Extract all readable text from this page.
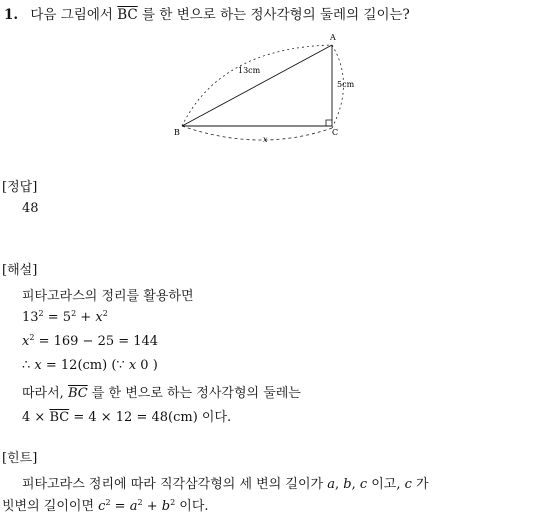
1. 다음 그림에서 $\overline{BC}$ 를 한 변으로 하는 정사각형의 둘레의 길이는?
A
B	C
13cm
5cm
x
[정답]
48
[해설]
피타고라스의 정리를 활용하면
$13^2 = 5^2 + x^2$
$x^2 = 169 - 25 = 144$
∴ x = 12(cm) (∵ x 0 )
따라서, $\overline{BC}$ 를 한 변으로 하는 정사각형의 둘레는
$4 \times \overline{BC} = 4 \times 12 = 48(cm)$ 이다.
[힌트]
피타고라스 정리에 따라 직각삼각형의 세 변의 길이가 a, b, c 이고, c 가
빗변의 길이이면 $c^2 = a^2 + b^2$ 이다.
